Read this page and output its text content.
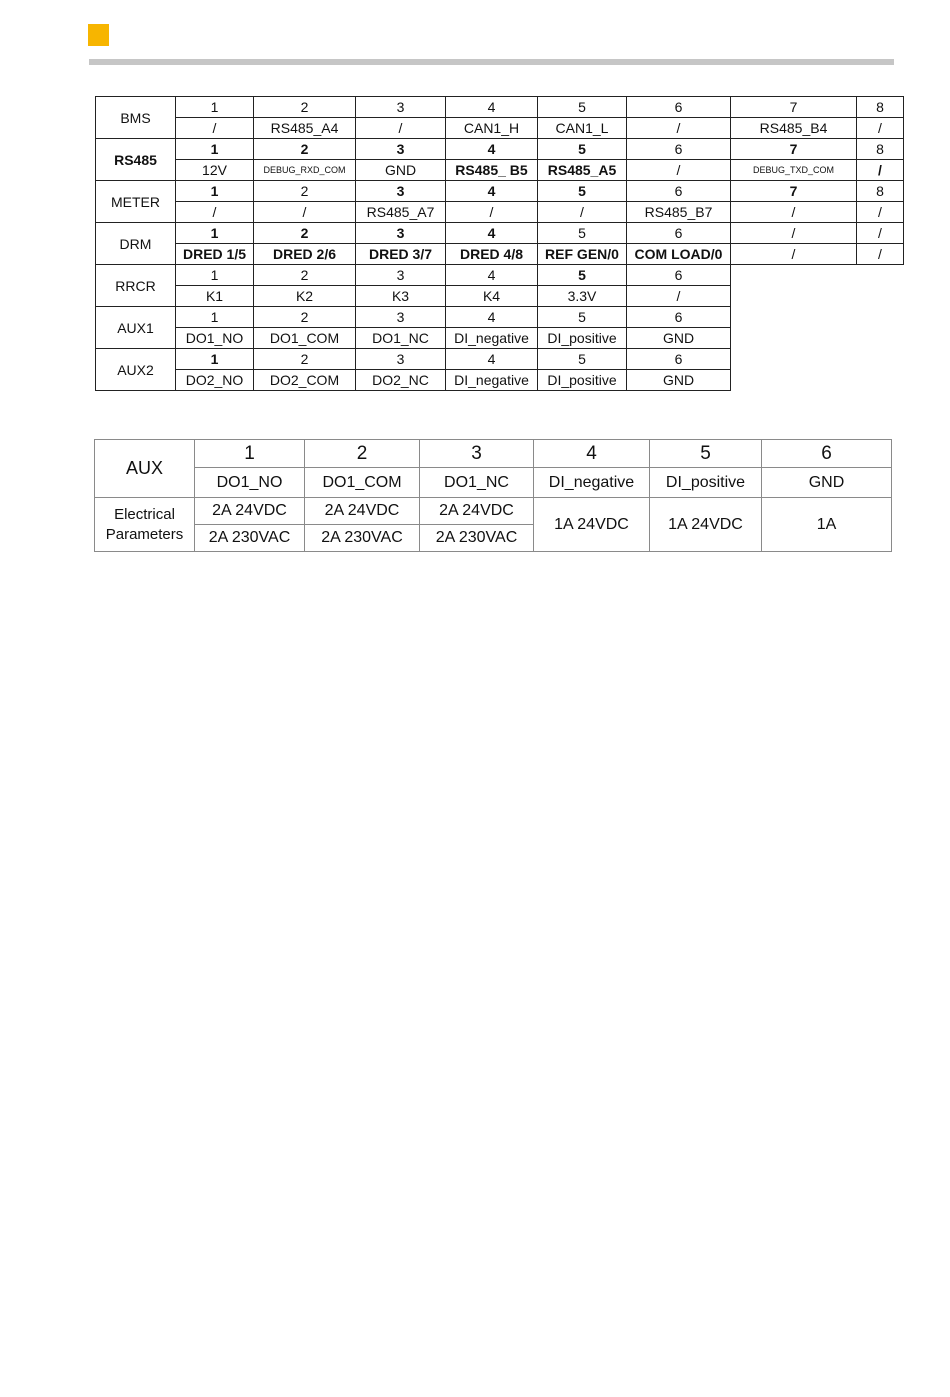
BMS	1	2	3	4	5	6	7	8
	/	RS485_A4	/	CAN1_H	CAN1_L	/	RS485_B4	/
RS485	1	2	3	4	5	6	7	8
	12V	DEBUG_RXD_COM	GND	RS485_ B5	RS485_A5	/	DEBUG_TXD_COM	/
METER	1	2	3	4	5	6	7	8
	/	/	RS485_A7	/	/	RS485_B7	/	/
DRM	1	2	3	4	5	6	/	/
	DRED 1/5	DRED 2/6	DRED 3/7	DRED 4/8	REF GEN/0	COM LOAD/0	/	/
RRCR	1	2	3	4	5	6		
	K1	K2	K3	K4	3.3V	/		
AUX1	1	2	3	4	5	6		
	DO1_NO	DO1_COM	DO1_NC	DI_negative	DI_positive	GND		
AUX2	1	2	3	4	5	6		
	DO2_NO	DO2_COM	DO2_NC	DI_negative	DI_positive	GND		
AUX	1	2	3	4	5	6
	DO1_NO	DO1_COM	DO1_NC	DI_negative	DI_positive	GND
Electrical
Parameters	2A 24VDC	2A 24VDC	2A 24VDC	1A 24VDC	1A 24VDC	1A
	2A 230VAC	2A 230VAC	2A 230VAC			
